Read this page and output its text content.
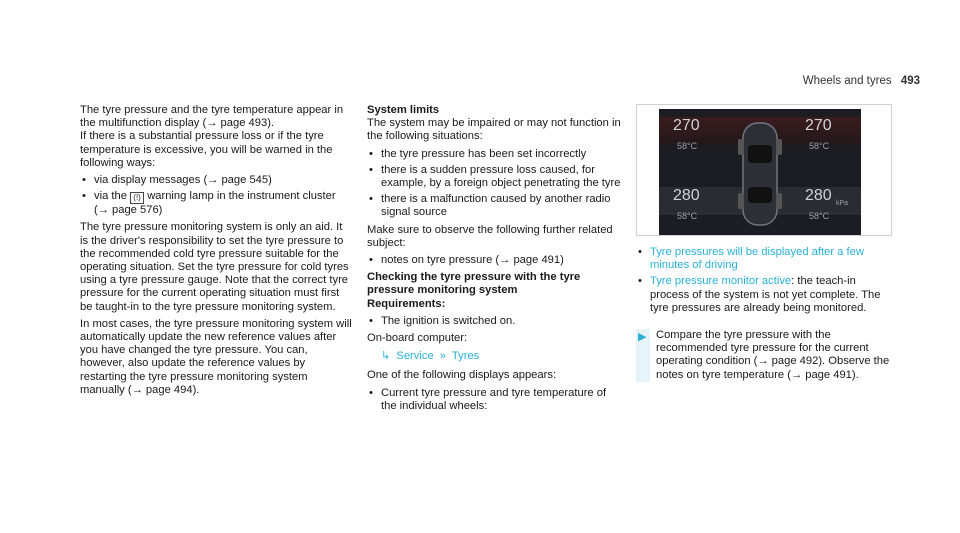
Wheels and tyres 493

The tyre pressure and the tyre temperature appear in the multifunction display (→ page 493).

If there is a substantial pressure loss or if the tyre temperature is excessive, you will be warned in the following ways:

• via display messages (→ page 545)
• via the (!) warning lamp in the instrument cluster (→ page 576)

The tyre pressure monitoring system is only an aid. It is the driver's responsibility to set the tyre pressure to the recommended cold tyre pressure suitable for the operating situation. Set the tyre pressure for cold tyres using a tyre pressure gauge. Note that the correct tyre pressure for the current operating situation must first be taught-in to the tyre pressure monitoring system.

In most cases, the tyre pressure monitoring system will automatically update the new reference values after you have changed the tyre pressure. You can, however, also update the reference values by restarting the tyre pressure monitoring system manually (→ page 494).

System limits

The system may be impaired or may not function in the following situations:

• the tyre pressure has been set incorrectly
• there is a sudden pressure loss caused, for example, by a foreign object penetrating the tyre
• there is a malfunction caused by another radio signal source

Make sure to observe the following further related subject:

• notes on tyre pressure (→ page 491)

Checking the tyre pressure with the tyre pressure monitoring system

Requirements:

• The ignition is switched on.

On-board computer:

↳ Service » Tyres

One of the following displays appears:

• Current tyre pressure and tyre temperature of the individual wheels:
270
58°C
270
58°C
280
58°C
280 kPa
58°C
• Tyre pressures will be displayed after a few minutes of driving
• Tyre pressure monitor active: the teach-in process of the system is not yet complete. The tyre pressures are already being monitored.
▶ Compare the tyre pressure with the recommended tyre pressure for the current operating condition (→ page 492). Observe the notes on tyre temperature (→ page 491).
